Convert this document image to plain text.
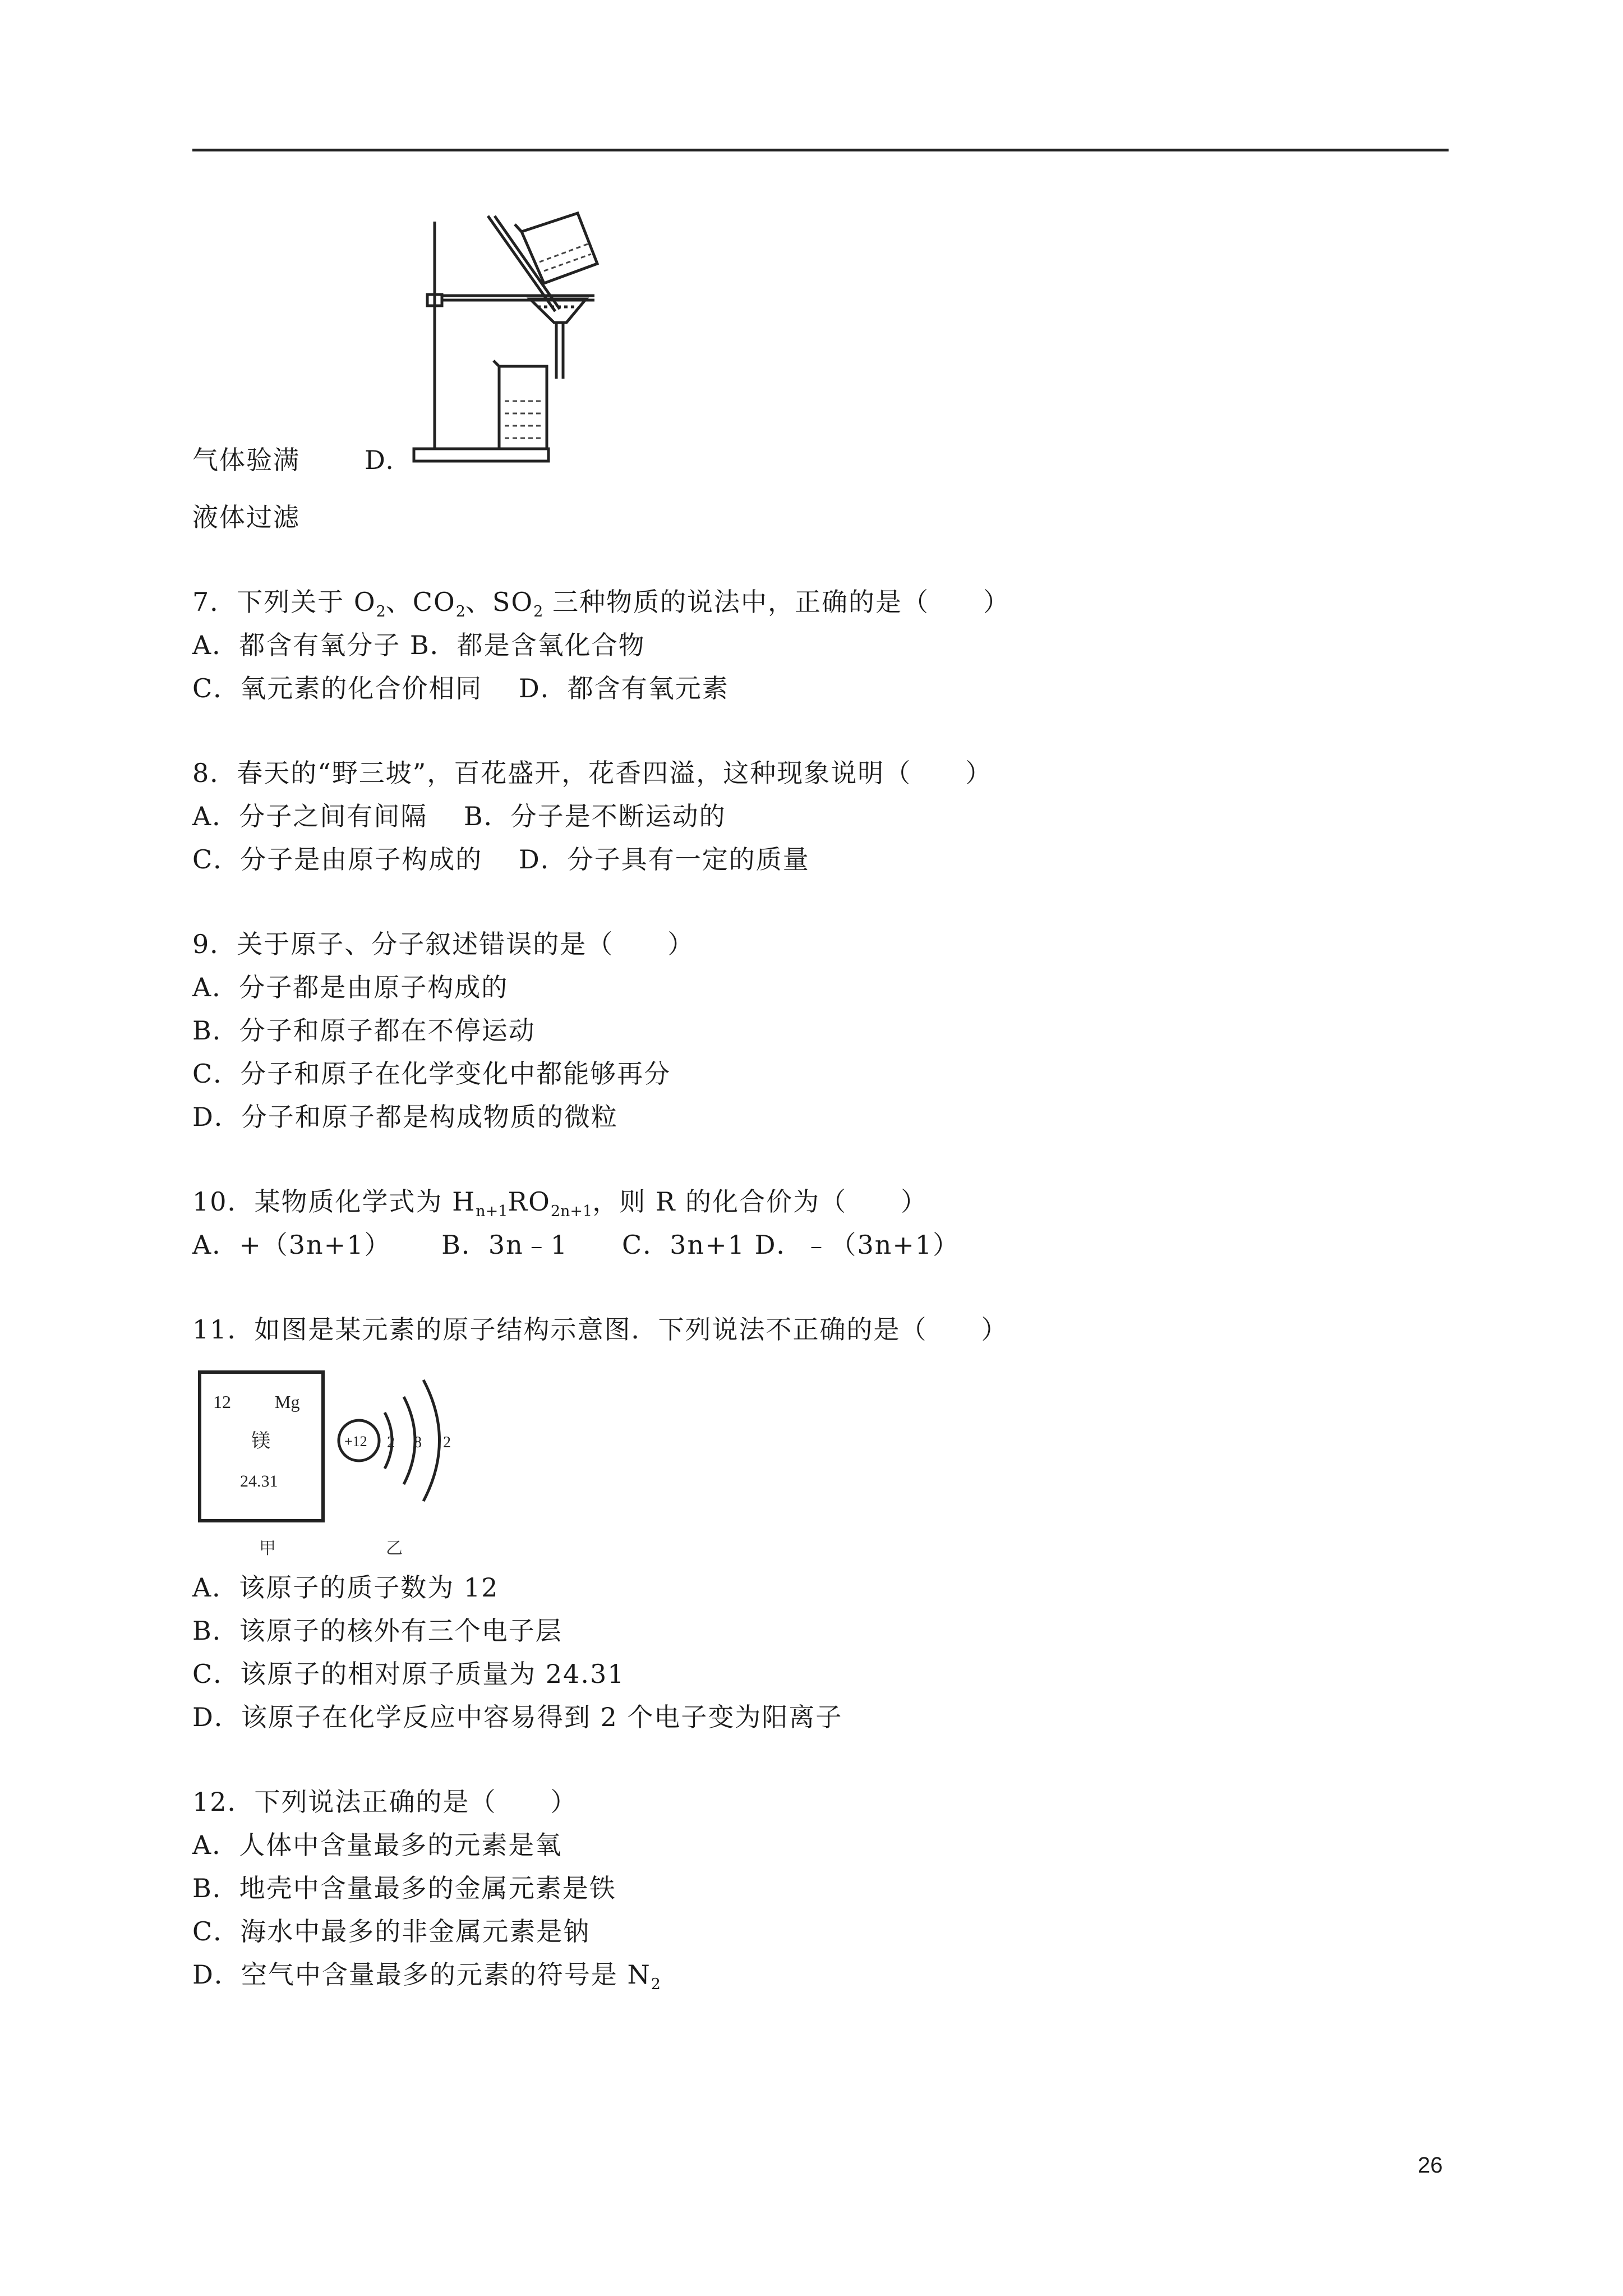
气体验满	D.
液体过滤
7．下列关于 $O_2$、$CO_2$、$SO_2$ 三种物质的说法中，正确的是（　　）
A．都含有氧分子 B．都是含氧化合物
C．氧元素的化合价相同　 D．都含有氧元素
8．春天的“野三坡”，百花盛开，花香四溢，这种现象说明（　　）
A．分子之间有间隔　 B．分子是不断运动的
C．分子是由原子构成的　 D．分子具有一定的质量
9．关于原子、分子叙述错误的是（　　）
A．分子都是由原子构成的
B．分子和原子都在不停运动
C．分子和原子在化学变化中都能够再分
D．分子和原子都是构成物质的微粒
10．某物质化学式为 $H_{n+1}RO_{2n+1}$，则 R 的化合价为（　　）
A．+（3n+1）　　 B．3n﹣1　　C．3n+1 D．﹣（3n+1）
11．如图是某元素的原子结构示意图．下列说法不正确的是（　　）
12 Mg
镁
24.31
甲
+12 2 8 2
乙
A．该原子的质子数为 12
B．该原子的核外有三个电子层
C．该原子的相对原子质量为 24.31
D．该原子在化学反应中容易得到 2 个电子变为阳离子
12．下列说法正确的是（　　）
A．人体中含量最多的元素是氧
B．地壳中含量最多的金属元素是铁
C．海水中最多的非金属元素是钠
D．空气中含量最多的元素的符号是 $N_2$
26
